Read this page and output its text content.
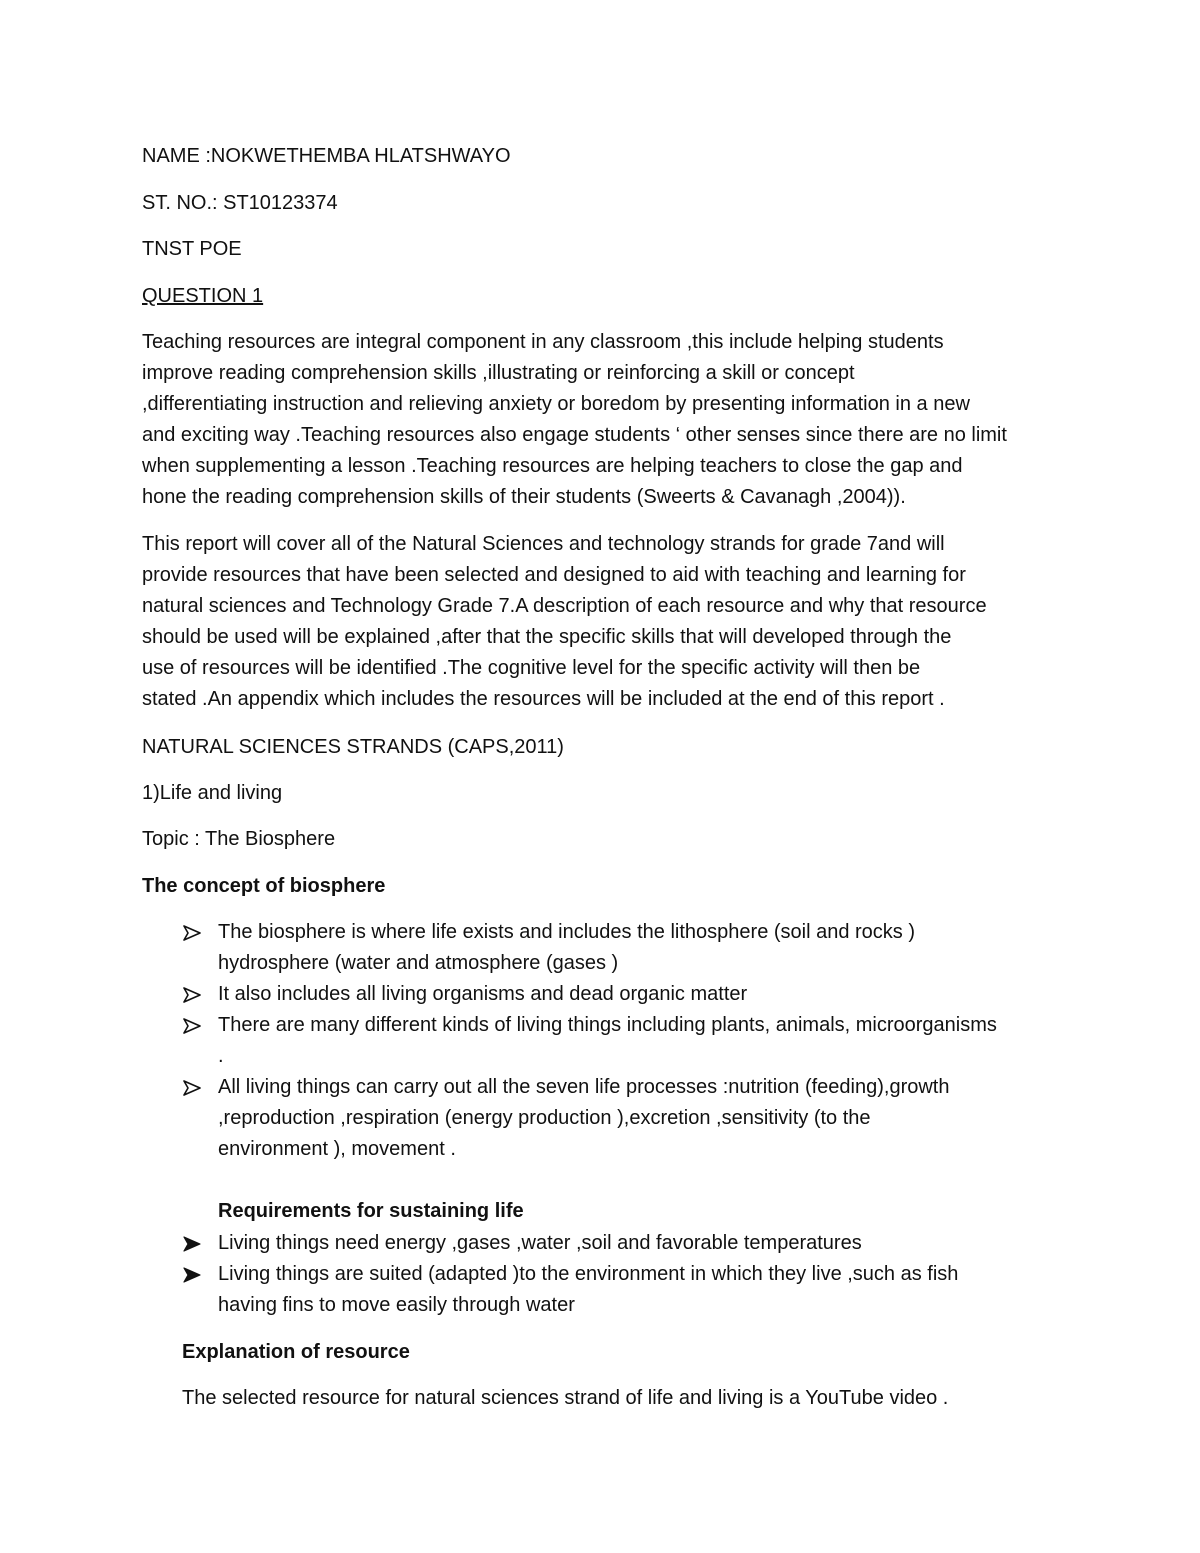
NAME :NOKWETHEMBA HLATSHWAYO
ST. NO.: ST10123374
TNST POE
QUESTION 1

Teaching resources are integral component in any classroom ,this include helping students

improve reading comprehension skills ,illustrating or reinforcing a skill or concept

,differentiating instruction and relieving anxiety or boredom by presenting information in a new

and exciting way .Teaching resources also engage students ‘ other senses since there are no limit

when supplementing a lesson .Teaching resources are helping teachers to close the gap and

hone the reading comprehension skills of their students (Sweerts & Cavanagh ,2004)).

This report will cover all of the Natural Sciences and technology strands for grade 7and will

provide resources that have been selected and designed to aid with teaching and learning for

natural sciences and Technology Grade 7.A description of each resource and why that resource

should be used will be explained ,after that the specific skills that will developed through the

use of resources will be identified .The cognitive level for the specific activity will then be

stated .An appendix which includes the resources will be included at the end of this report .

NATURAL SCIENCES STRANDS (CAPS,2011)
1)Life and living
Topic : The Biosphere
The concept of biosphere

The biosphere is where life exists and includes the lithosphere (soil and rocks )

hydrosphere (water and atmosphere (gases )

It also includes all living organisms and dead organic matter

There are many different kinds of living things including plants, animals, microorganisms

.

All living things can carry out all the seven life processes :nutrition (feeding),growth

,reproduction ,respiration (energy production ),excretion ,sensitivity (to the

environment ), movement .

Requirements for sustaining life

Living things need energy ,gases ,water ,soil and favorable temperatures

Living things are suited (adapted )to the environment in which they live ,such as fish

having fins to move easily through water

Explanation of resource
The selected resource for natural sciences strand of life and living is a YouTube video .
